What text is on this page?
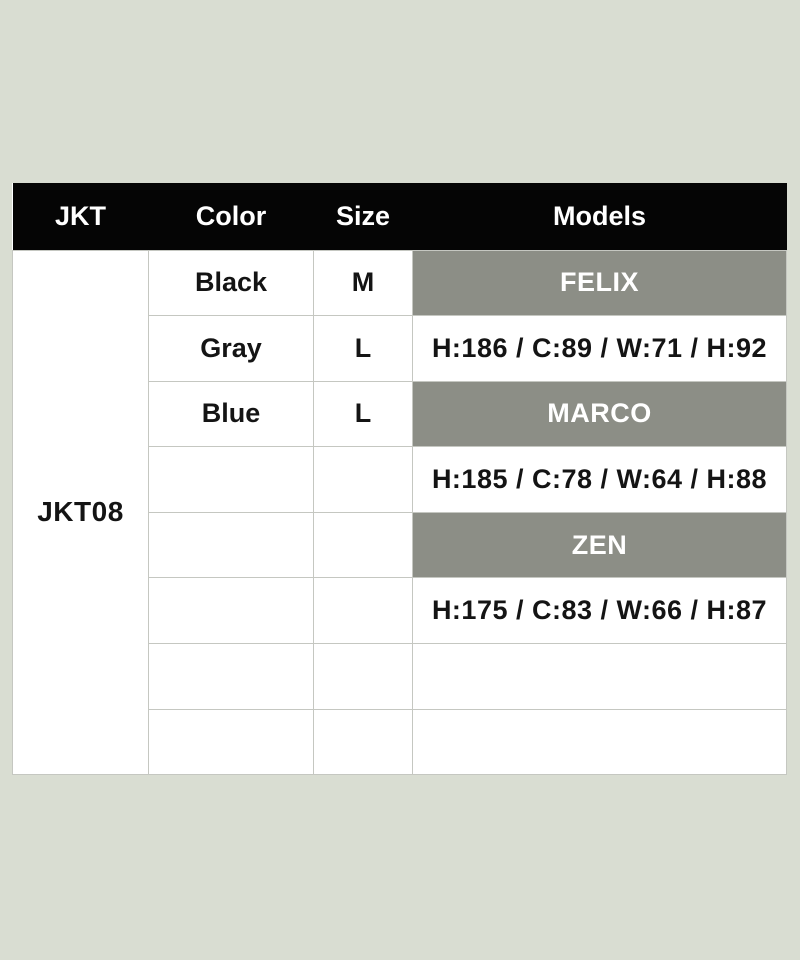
JKT	Color	Size	Models
JKT08	Black	M	FELIX
	Gray	L	H:186 / C:89 / W:71 / H:92
	Blue	L	MARCO
			H:185 / C:78 / W:64 / H:88
			ZEN
			H:175 / C:83 / W:66 / H:87
